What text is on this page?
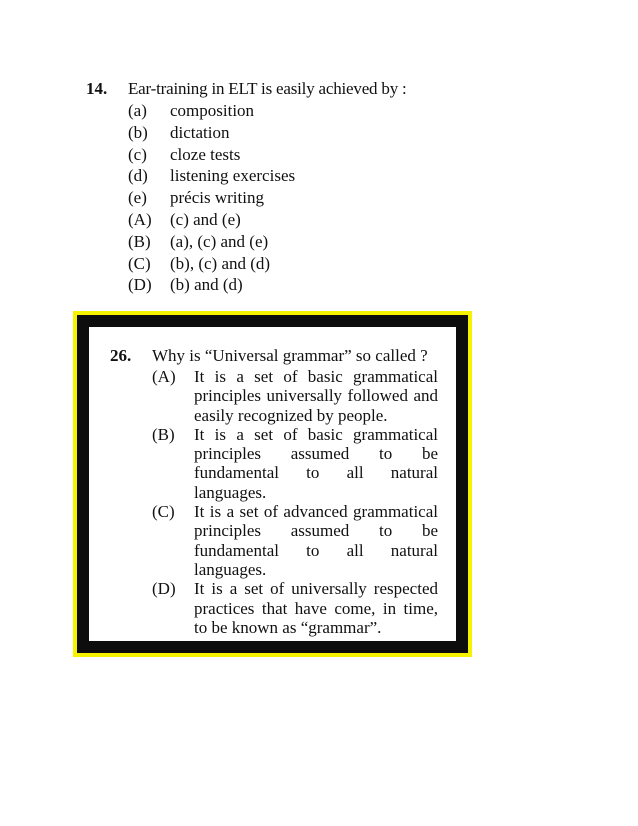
14.	Ear-training in ELT is easily achieved by :
(a)	composition
(b)	dictation
(c)	cloze tests
(d)	listening exercises
(e)	précis writing
(A)	(c) and (e)
(B)	(a), (c) and (e)
(C)	(b), (c) and (d)
(D)	(b) and (d)
26.	Why is “Universal grammar” so called ?
(A)	It is a set of basic grammatical principles universally followed and easily recognized by people.
(B)	It is a set of basic grammatical principles assumed to be fundamental to all natural languages.
(C)	It is a set of advanced grammatical principles assumed to be fundamental to all natural languages.
(D)	It is a set of universally respected practices that have come, in time, to be known as “grammar”.
